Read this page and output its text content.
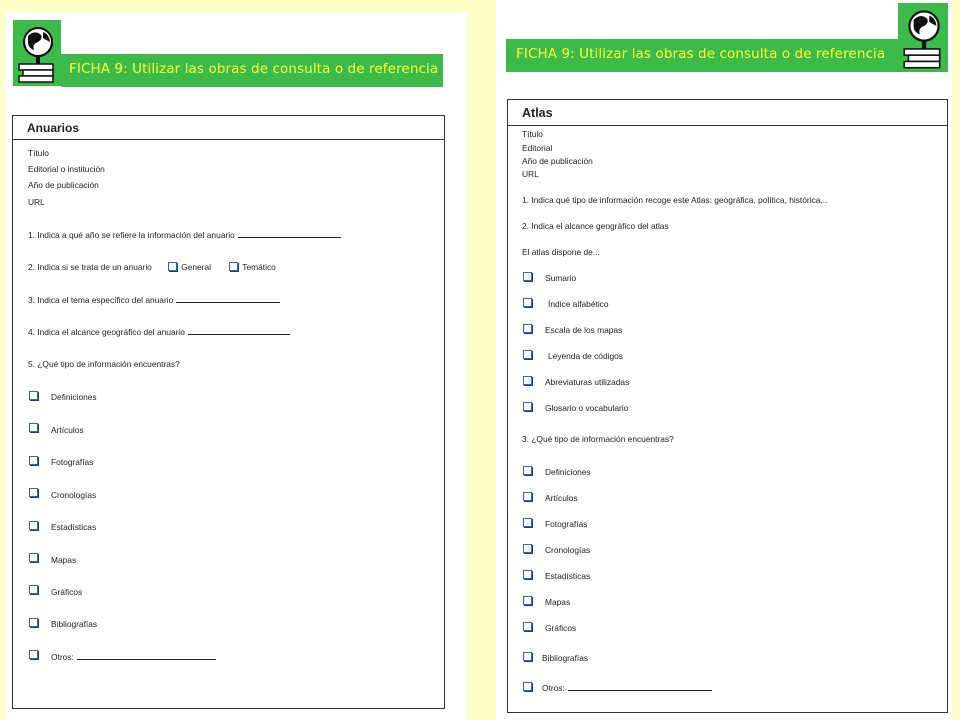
FICHA 9: Utilizar las obras de consulta o de referencia
Anuarios
Título
Editorial o institución
Año de publicación
URL
1. Indica a qué año se refiere la información del anuario
2. Indica si se trata de un anuario	General	Temático
3. Indica el tema específico del anuario
4. Indica el alcance geográfico del anuario
5. ¿Qué tipo de información encuentras?
Definiciones
Artículos
Fotografías
Cronologías
Estadísticas
Mapas
Gráficos
Bibliografías
Otros:
FICHA 9: Utilizar las obras de consulta o de referencia
Atlas
Título
Editorial
Año de publicación
URL
1. Indica qué tipo de información recoge este Atlas: geográfica, política, histórica...
2. Indica el alcance geográfico del atlas
El atlas dispone de...
Sumario
Índice alfabético
Escala de los mapas
Leyenda de códigos
Abreviaturas utilizadas
Glosario o vocabulario
3. ¿Qué tipo de información encuentras?
Definiciones
Artículos
Fotografías
Cronologías
Estadísticas
Mapas
Gráficos
Bibliografías
Otros:
